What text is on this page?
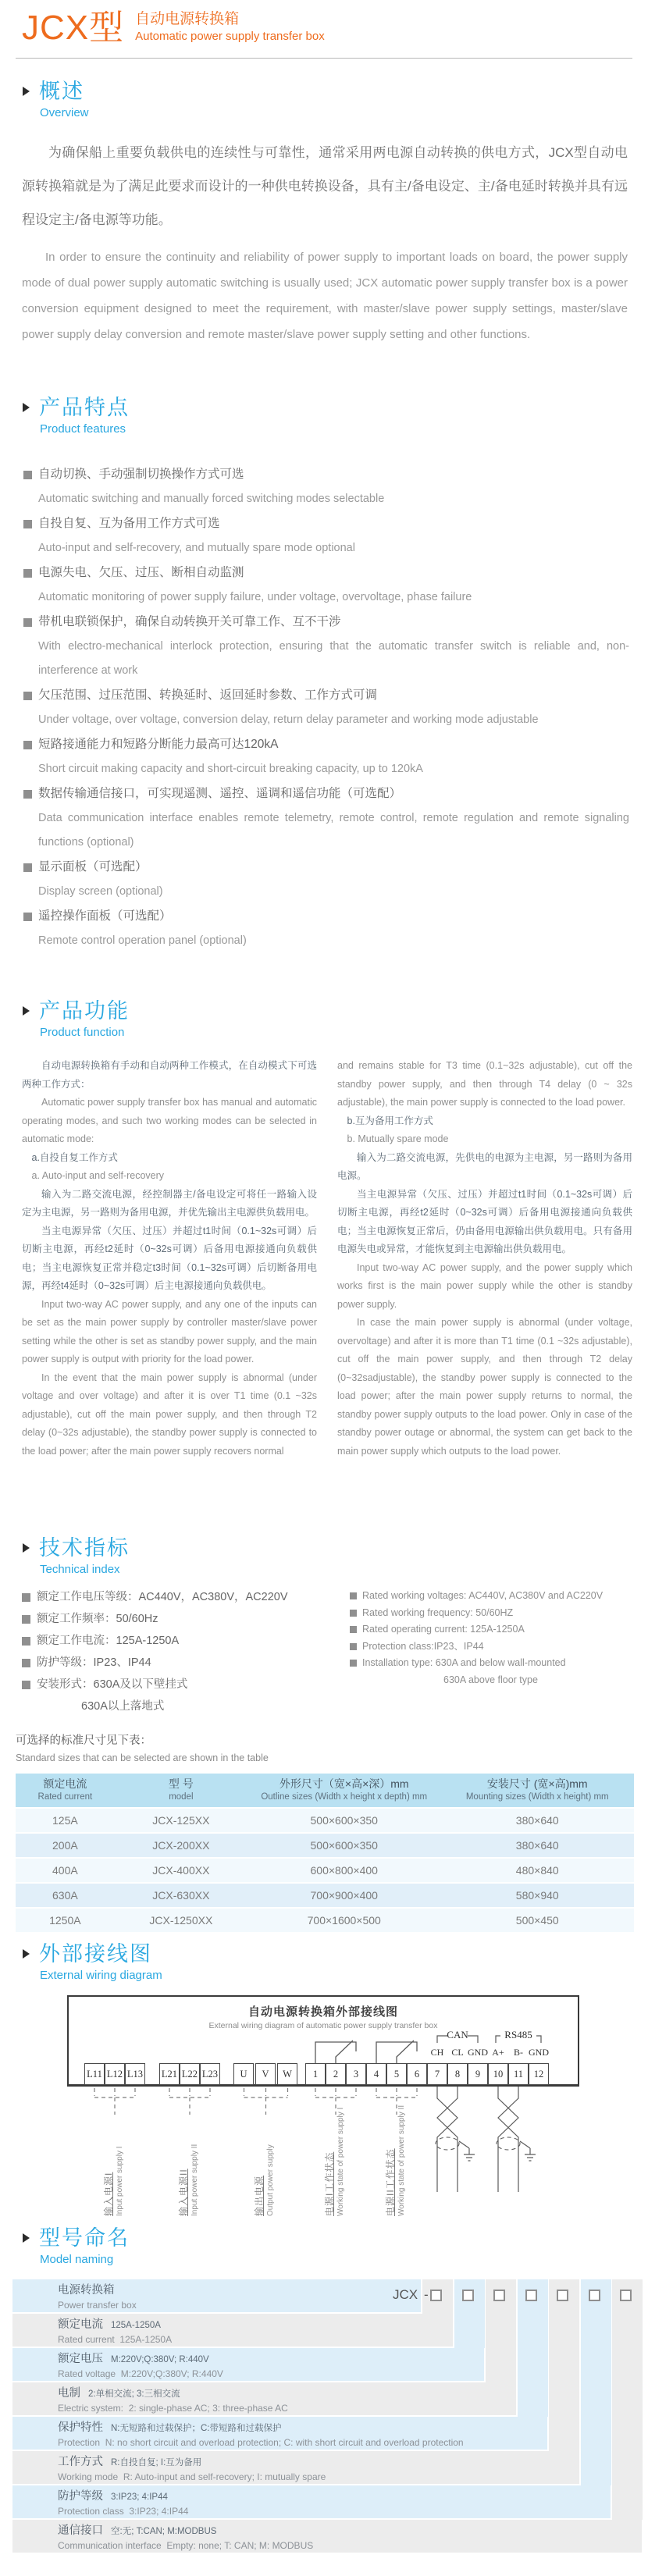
JCX型 自动电源转换箱
Automatic power supply transfer box
概述
Overview
为确保船上重要负载供电的连续性与可靠性，通常采用两电源自动转换的供电方式，JCX型自动电源转换箱就是为了满足此要求而设计的一种供电转换设备，具有主/备电设定、主/备电延时转换并具有远程设定主/备电源等功能。
In order to ensure the continuity and reliability of power supply to important loads on board, the power supply mode of dual power supply automatic switching is usually used; JCX automatic power supply transfer box is a power conversion equipment designed to meet the requirement, with master/slave power supply settings, master/slave power supply delay conversion and remote master/slave power supply setting and other functions.
产品特点
Product features
自动切换、手动强制切换操作方式可选
Automatic switching and manually forced switching modes selectable
自投自复、互为备用工作方式可选
Auto-input and self-recovery, and mutually spare mode optional
电源失电、欠压、过压、断相自动监测
Automatic monitoring of power supply failure, under voltage, overvoltage, phase failure
带机电联锁保护，确保自动转换开关可靠工作、互不干涉
With electro-mechanical interlock protection, ensuring that the automatic transfer switch is reliable and, non-interference at work
欠压范围、过压范围、转换延时、返回延时参数、工作方式可调
Under voltage, over voltage, conversion delay, return delay parameter and working mode adjustable
短路接通能力和短路分断能力最高可达120kA
Short circuit making capacity and short-circuit breaking capacity, up to 120kA
数据传输通信接口，可实现遥测、遥控、遥调和遥信功能（可选配）
Data communication interface enables remote telemetry, remote control, remote regulation and remote signaling functions (optional)
显示面板（可选配）
Display screen (optional)
遥控操作面板（可选配）
Remote control operation panel (optional)
产品功能
Product function

自动电源转换箱有手动和自动两种工作模式，在自动模式下可选两种工作方式：

Automatic power supply transfer box has manual and automatic operating modes, and such two working modes can be selected in automatic mode:

a.自投自复工作方式

a. Auto-input and self-recovery

输入为二路交流电源，经控制器主/备电设定可将任一路输入设定为主电源，另一路则为备用电源，并优先输出主电源供负载用电。

当主电源异常（欠压、过压）并超过t1时间（0.1~32s可调）后切断主电源，再经t2延时（0~32s可调）后备用电源接通向负载供电；当主电源恢复正常并稳定t3时间（0.1~32s可调）后切断备用电源，再经t4延时（0~32s可调）后主电源接通向负载供电。

Input two-way AC power supply, and any one of the inputs can be set as the main power supply by controller master/slave power setting while the other is set as standby power supply, and the main power supply is output with priority for the load power.

In the event that the main power supply is abnormal (under voltage and over voltage) and after it is over T1 time (0.1 ~32s adjustable), cut off the main power supply, and then through T2 delay (0~32s adjustable), the standby power supply is connected to the load power; after the main power supply recovers normal

and remains stable for T3 time (0.1~32s adjustable), cut off the standby power supply, and then through T4 delay (0 ~ 32s adjustable), the main power supply is connected to the load power.

b.互为备用工作方式

b. Mutually spare mode

输入为二路交流电源，先供电的电源为主电源，另一路则为备用电源。

当主电源异常（欠压、过压）并超过t1时间（0.1~32s可调）后切断主电源，再经t2延时（0~32s可调）后备用电源接通向负载供电；当主电源恢复正常后，仍由备用电源输出供负载用电。只有备用电源失电或异常，才能恢复到主电源输出供负载用电。

Input two-way AC power supply, and the power supply which works first is the main power supply while the other is standby power supply.

In case the main power supply is abnormal (under voltage, overvoltage) and after it is more than T1 time (0.1 ~32s adjustable), cut off the main power supply, and then through T2 delay (0~32sadjustable), the standby power supply is connected to the load power; after the main power supply returns to normal, the standby power supply outputs to the load power. Only in case of the standby power outage or abnormal, the system can get back to the main power supply which outputs to the load power.

技术指标
Technical index
额定工作电压等级：AC440V，AC380V，AC220V
额定工作频率：50/60Hz
额定工作电流：125A-1250A
防护等级：IP23、IP44
安装形式：630A及以下壁挂式
630A以上落地式
Rated working voltages: AC440V, AC380V and AC220V
Rated working frequency: 50/60HZ
Rated operating current: 125A-1250A
Protection class:IP23、IP44
Installation type: 630A and below wall-mounted
630A above floor type
可选择的标准尺寸见下表：
Standard sizes that can be selected are shown in the table
额定电流
Rated current

型 号
model

外形尺寸（宽×高×深）mm
Outline sizes (Width x height x depth) mm

安装尺寸 (宽×高)mm
Mounting sizes (Width x height) mm

125A	JCX-125XX	500×600×350	380×640
200A	JCX-200XX	500×600×350	380×640
400A	JCX-400XX	600×800×400	480×840
630A	JCX-630XX	700×900×400	580×940
1250A	JCX-1250XX	700×1600×500	500×450
外部接线图
External wiring diagram
自动电源转换箱外部接线图
External wiring diagram of automatic power supply transfer box
CAN	RS485
CH CL GND A+ B- GND
L11 L12 L13 L21 L22 L23	U	V	W	1	2	3	4	5	6	7	8	9	10	11	12
输入电源I Input power supply I	输入电源II Input power supply II	输出电源 Output power supply	电源I工作状态 Working state of power supply I	电源II工作状态 Working state of power supply II
型号命名
Model naming
电源转换箱
Power transfer box
额定电流 125A-1250A
Rated current 125A-1250A
额定电压 M:220V;Q:380V; R:440V
Rated voltage M:220V;Q:380V; R:440V
电制 2:单相交流; 3:三相交流
Electric system: 2: single-phase AC; 3: three-phase AC
保护特性 N:无短路和过载保护；C:带短路和过载保护
Protection N: no short circuit and overload protection; C: with short circuit and overload protection
工作方式 R:自投自复; I:互为备用
Working mode R: Auto-input and self-recovery; I: mutually spare
防护等级 3:IP23; 4:IP44
Protection class 3:IP23; 4:IP44
通信接口 空:无; T:CAN; M:MODBUS
Communication interface Empty: none; T: CAN; M: MODBUS
JCX -
